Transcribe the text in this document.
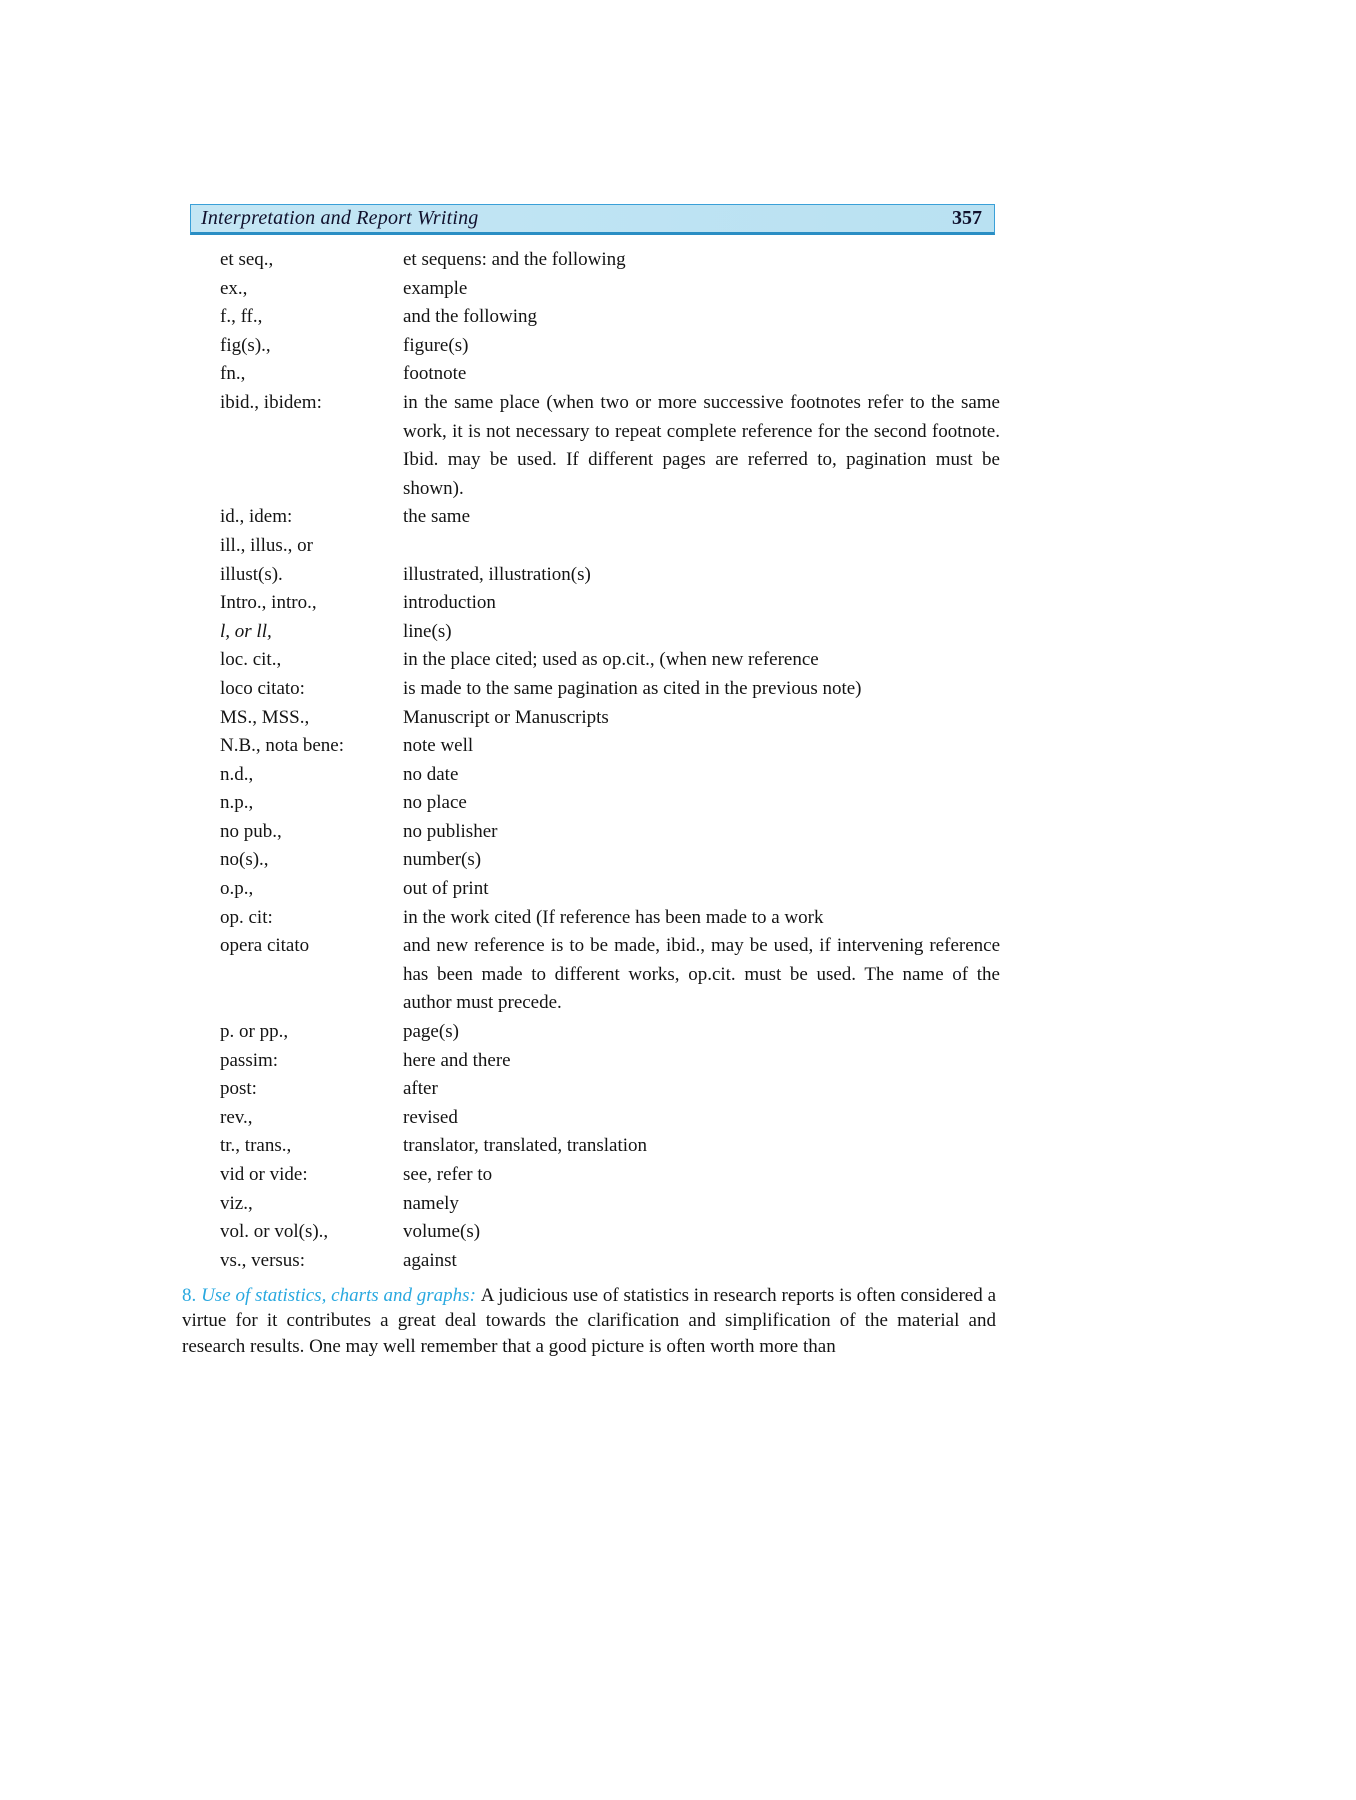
Interpretation and Report Writing	357
et seq.,	et sequens: and the following
ex.,	example
f., ff.,	and the following
fig(s).,	figure(s)
fn.,	footnote
ibid., ibidem:	in the same place (when two or more successive footnotes refer to the same work, it is not necessary to repeat complete reference for the second footnote. Ibid. may be used. If different pages are referred to, pagination must be shown).
id., idem:	the same
ill., illus., or
illust(s).	illustrated, illustration(s)
Intro., intro.,	introduction
l, or ll,	line(s)
loc. cit.,	in the place cited; used as op.cit., (when new reference
loco citato:	is made to the same pagination as cited in the previous note)
MS., MSS.,	Manuscript or Manuscripts
N.B., nota bene:	note well
n.d.,	no date
n.p.,	no place
no pub.,	no publisher
no(s).,	number(s)
o.p.,	out of print
op. cit:	in the work cited (If reference has been made to a work
opera citato	and new reference is to be made, ibid., may be used, if intervening reference has been made to different works, op.cit. must be used. The name of the author must precede.
p. or pp.,	page(s)
passim:	here and there
post:	after
rev.,	revised
tr., trans.,	translator, translated, translation
vid or vide:	see, refer to
viz.,	namely
vol. or vol(s).,	volume(s)
vs., versus:	against
8. Use of statistics, charts and graphs: A judicious use of statistics in research reports is often considered a virtue for it contributes a great deal towards the clarification and simplification of the material and research results. One may well remember that a good picture is often worth more than
